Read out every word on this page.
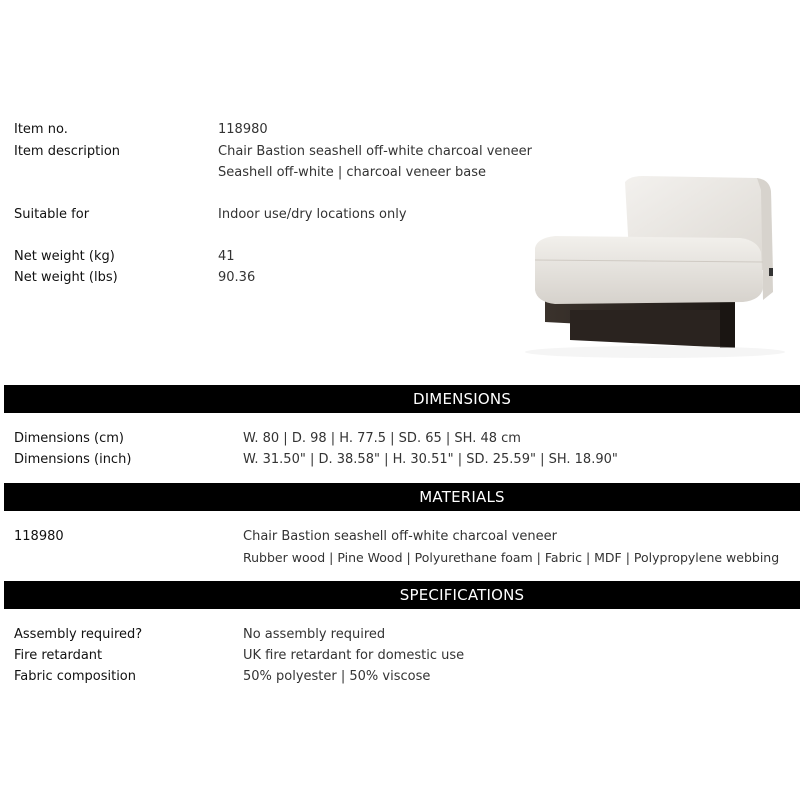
Item no.	118980
Item description	Chair Bastion seashell off-white charcoal veneer
Seashell off-white | charcoal veneer base
Suitable for	Indoor use/dry locations only
Net weight (kg)	41
Net weight (lbs)	90.36
DIMENSIONS
Dimensions (cm)	W. 80 | D. 98 | H. 77.5 | SD. 65 | SH. 48 cm
Dimensions (inch)	W. 31.50" | D. 38.58" | H. 30.51" | SD. 25.59" | SH. 18.90"
MATERIALS
118980	Chair Bastion seashell off-white charcoal veneer
Rubber wood | Pine Wood | Polyurethane foam | Fabric | MDF | Polypropylene webbing
SPECIFICATIONS
Assembly required?	No assembly required
Fire retardant	UK fire retardant for domestic use
Fabric composition	50% polyester | 50% viscose
